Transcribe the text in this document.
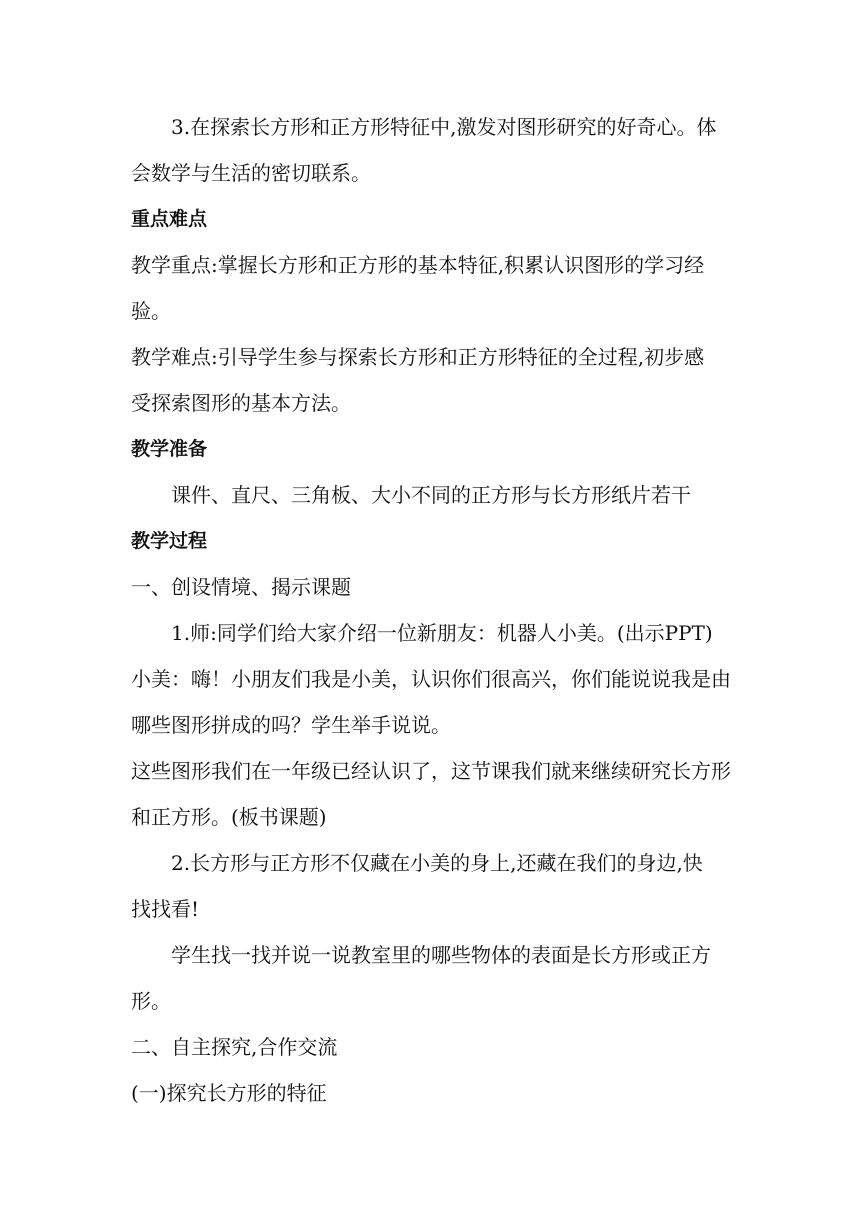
3.在探索长方形和正方形特征中,激发对图形研究的好奇心。体
会数学与生活的密切联系。
重点难点
教学重点:掌握长方形和正方形的基本特征,积累认识图形的学习经
验。
教学难点:引导学生参与探索长方形和正方形特征的全过程,初步感
受探索图形的基本方法。
教学准备
课件、直尺、三角板、大小不同的正方形与长方形纸片若干
教学过程
一、创设情境、揭示课题
1.师:同学们给大家介绍一位新朋友：机器人小美。(出示PPT)
小美：嗨！小朋友们我是小美，认识你们很高兴，你们能说说我是由
哪些图形拼成的吗？学生举手说说。
这些图形我们在一年级已经认识了，这节课我们就来继续研究长方形
和正方形。(板书课题)
2.长方形与正方形不仅藏在小美的身上,还藏在我们的身边,快
找找看!
学生找一找并说一说教室里的哪些物体的表面是长方形或正方
形。
二、自主探究,合作交流
(一)探究长方形的特征
